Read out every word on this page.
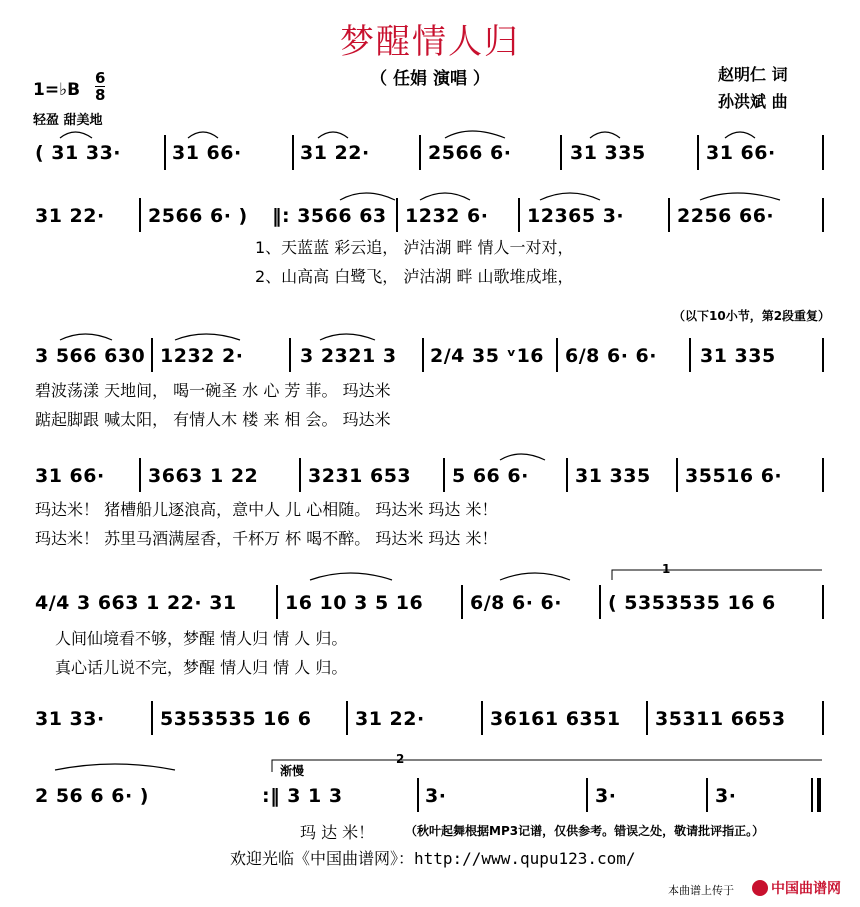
梦醒情人归
（ 任娟 演唱 ）	赵明仁 词
孙洪斌 曲
1=♭B
6
8
轻盈 甜美地
( 31 33·	31 66·	31 22·	2566 6·	31 335	31 66·
31 22· 2566 6· ) ‖: 3566 63 1232 6· 12365 3·	2256 66·
3 566 630 1232 2·	3 2321 3 2/4 35 ᵛ16 6/8 6· 6· 31 335
31 66· 3663 1 22	3231 653 5 66 6· 31 335 35516 6·
4/4 3 663 1 22· 31	16 10 3 5 16 6/8 6· 6· ( 5353535 16 6
31 33·	5353535 16 6 31 22·	36161 6351 35311 6653
2 56 6 6· )	:‖ 3 1 3	3·	3·	3·
1、天蓝蓝 彩云追， 泸沽湖 畔 情人一对对，
2、山高高 白鹭飞， 泸沽湖 畔 山歌堆成堆，
碧波荡漾 天地间， 喝一碗圣 水 心 芳 菲。 玛达米
踮起脚跟 喊太阳， 有情人木 楼 来 相 会。 玛达米
玛达米！ 猪槽船儿逐浪高，意中人 儿 心相随。 玛达米 玛达 米！
玛达米！ 苏里马酒满屋香，千杯万 杯 喝不醉。 玛达米 玛达 米！
人间仙境看不够，梦醒 情人归 情 人 归。
真心话儿说不完，梦醒 情人归 情 人 归。
玛 达 米！
（以下10小节，第2段重复）
1
2
渐慢
（秋叶起舞根据MP3记谱，仅供参考。错误之处，敬请批评指正。）
欢迎光临《中国曲谱网》：http://www.qupu123.com/
本曲谱上传于	中国曲谱网
